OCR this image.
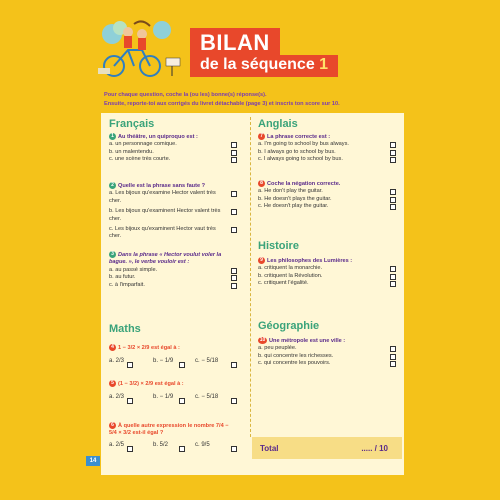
BILAN
de la séquence 1
Pour chaque question, coche la (ou les) bonne(s) réponse(s).
Ensuite, reporte-toi aux corrigés du livret détachable (page 3) et inscris ton score sur 10.
Français
1 Au théâtre, un quiproquo est :
a. un personnage comique.
b. un malentendu.
c. une scène très courte.
2 Quelle est la phrase sans faute ?
a. Les bijoux qu'examine Hector valent très cher.
b. Les bijoux qu'examinent Hector valent très cher.
c. Les bijoux qu'examinent Hector vaut très cher.
3 Dans la phrase « Hector voulut voler la bague. », le verbe voulоir est :
a. au passé simple.
b. au futur.
c. à l'imparfait.
Maths
4 1 − 3/2 × 2/9 est égal à :
a. 2/3	b. − 1/9	c. − 5/18
5 (1 − 3/2) × 2/9 est égal à :
a. 2/3	b. − 1/9	c. − 5/18
6 À quelle autre expression le nombre 7/4 − 5/4 × 3/2 est-il égal ?
a. 2/5	b. 5/2	c. 9/5
Anglais
7 La phrase correcte est :
a. I'm going to school by bus always.
b. I always go to school by bus.
c. I always going to school by bus.
8 Coche la négation correcte.
a. He don't play the guitar.
b. He doesn't plays the guitar.
c. He doesn't play the guitar.
Histoire
9 Les philosophes des Lumières :
a. critiquent la monarchie.
b. critiquent la Révolution.
c. critiquent l'égalité.
Géographie
10 Une métropole est une ville :
a. peu peuplée.
b. qui concentre les richesses.
c. qui concentre les pouvoirs.
Total	..... / 10
14
